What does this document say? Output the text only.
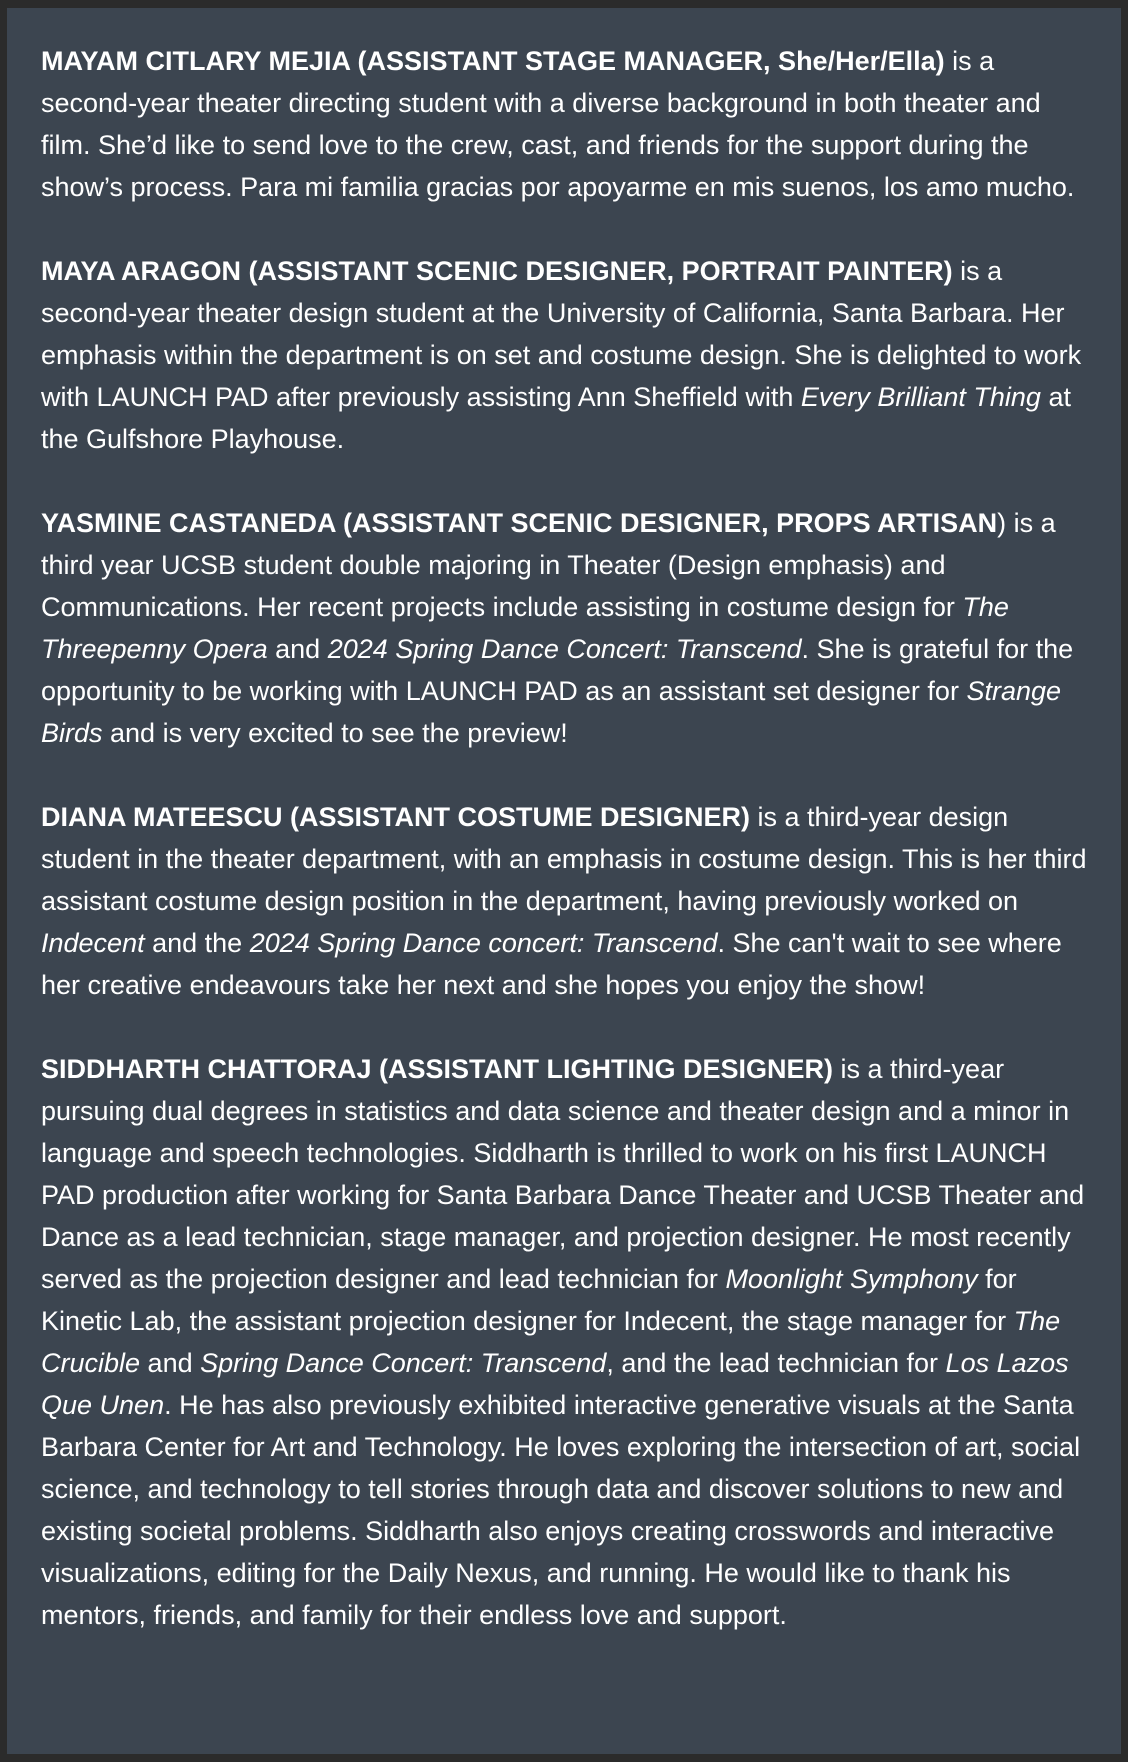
MAYAM CITLARY MEJIA (ASSISTANT STAGE MANAGER, She/Her/Ella) is a second-year theater directing student with a diverse background in both theater and film. She’d like to send love to the crew, cast, and friends for the support during the show’s process. Para mi familia gracias por apoyarme en mis suenos, los amo mucho.

MAYA ARAGON (ASSISTANT SCENIC DESIGNER, PORTRAIT PAINTER) is a second-year theater design student at the University of California, Santa Barbara. Her emphasis within the department is on set and costume design. She is delighted to work with LAUNCH PAD after previously assisting Ann Sheffield with Every Brilliant Thing at the Gulfshore Playhouse.

YASMINE CASTANEDA (ASSISTANT SCENIC DESIGNER, PROPS ARTISAN) is a third year UCSB student double majoring in Theater (Design emphasis) and Communications. Her recent projects include assisting in costume design for The Threepenny Opera and 2024 Spring Dance Concert: Transcend. She is grateful for the opportunity to be working with LAUNCH PAD as an assistant set designer for Strange Birds and is very excited to see the preview!

DIANA MATEESCU (ASSISTANT COSTUME DESIGNER) is a third-year design student in the theater department, with an emphasis in costume design. This is her third assistant costume design position in the department, having previously worked on Indecent and the 2024 Spring Dance concert: Transcend. She can't wait to see where her creative endeavours take her next and she hopes you enjoy the show!

SIDDHARTH CHATTORAJ (ASSISTANT LIGHTING DESIGNER) is a third-year pursuing dual degrees in statistics and data science and theater design and a minor in language and speech technologies. Siddharth is thrilled to work on his first LAUNCH PAD production after working for Santa Barbara Dance Theater and UCSB Theater and Dance as a lead technician, stage manager, and projection designer. He most recently served as the projection designer and lead technician for Moonlight Symphony for Kinetic Lab, the assistant projection designer for Indecent, the stage manager for The Crucible and Spring Dance Concert: Transcend, and the lead technician for Los Lazos Que Unen. He has also previously exhibited interactive generative visuals at the Santa Barbara Center for Art and Technology. He loves exploring the intersection of art, social science, and technology to tell stories through data and discover solutions to new and existing societal problems. Siddharth also enjoys creating crosswords and interactive visualizations, editing for the Daily Nexus, and running. He would like to thank his mentors, friends, and family for their endless love and support.
